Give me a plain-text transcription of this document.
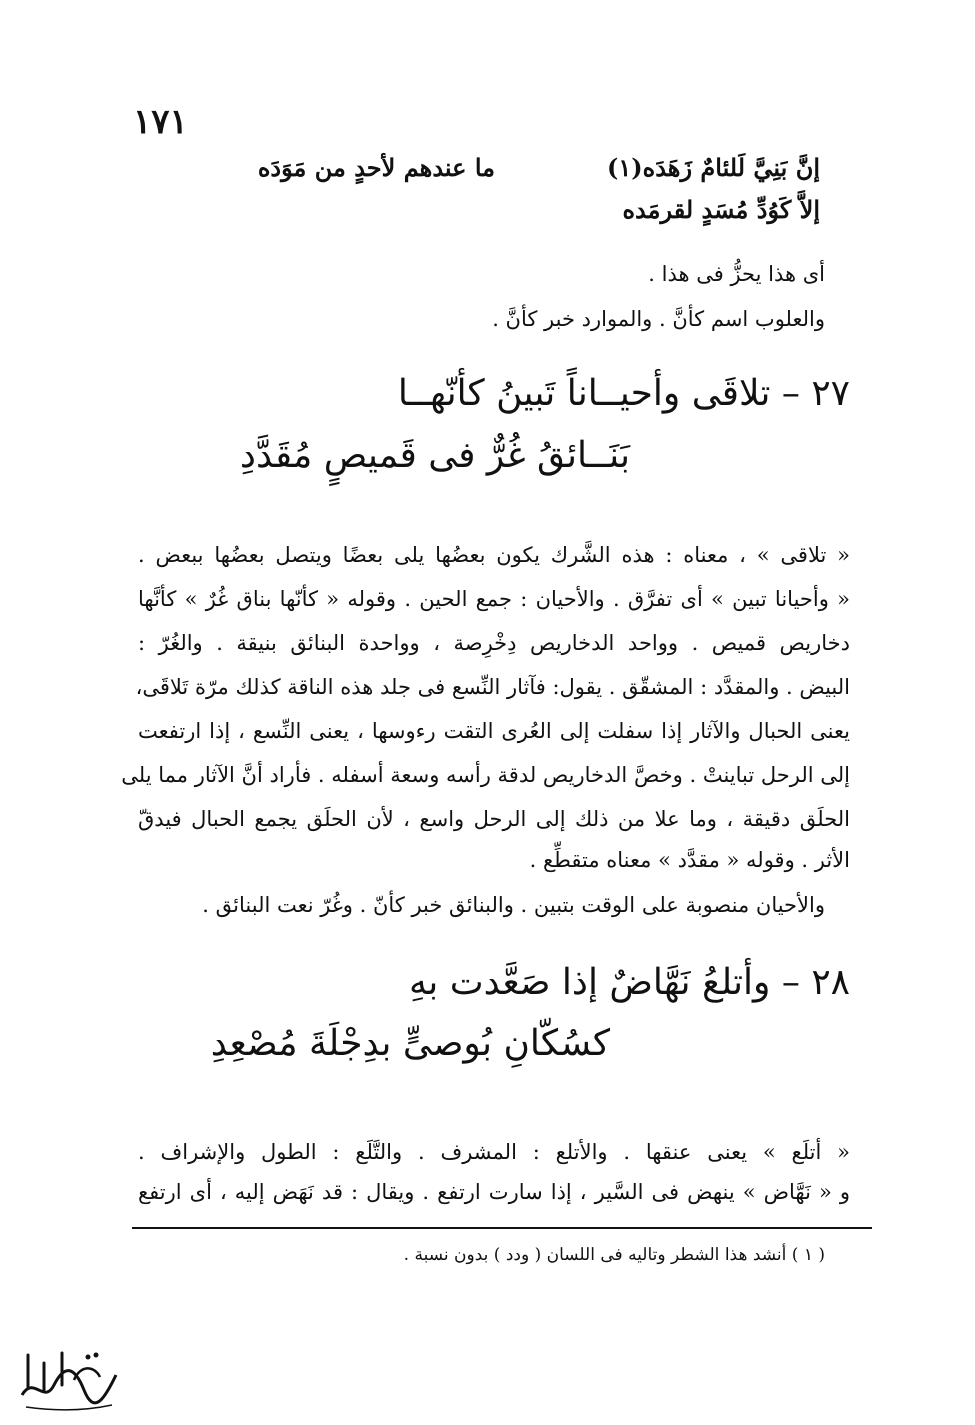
١٧١
إنَّ بَنِيَّ لَلئامٌ زَهَدَه(١)
ما عندهم لأحدٍ من مَوَدَه
إلاَّ كَوُدِّ مُسَدٍ لقرمَده
أى هذا يحزُّ فى هذا .
والعلوب اسم كأنَّ . والموارد خبر كأنَّ .
٢٧ – تلاقَى وأحيــاناً تَبينُ كأنّهــا
بَنَــائقُ غُرٌّ فى قَميصٍ مُقَدَّدِ
« تلاقى » ، معناه : هذه الشَّرك يكون بعضُها يلى بعضًا ويتصل بعضُها ببعض .
« وأحيانا تبين » أى تفرَّق . والأحيان : جمع الحين . وقوله « كأنّها بناق غُرٌ » كأنَّها
دخاريص قميص . وواحد الدخاريص دِخْرِصة ، وواحدة البنائق بنيقة . والغُرّ :
البيض . والمقدَّد : المشقّق . يقول: فآثار النِّسع فى جلد هذه الناقة كذلك مرّة تَلاقَى،
يعنى الحبال والآثار إذا سفلت إلى العُرى التقت رءوسها ، يعنى النِّسع ، إذا ارتفعت
إلى الرحل تباينتْ . وخصَّ الدخاريص لدقة رأسه وسعة أسفله . فأراد أنَّ الآثار مما يلى
الحلَق دقيقة ، وما علا من ذلك إلى الرحل واسع ، لأن الحلَق يجمع الحبال فيدقّ
الأثر . وقوله « مقدَّد » معناه متقطِّع .
والأحيان منصوبة على الوقت بتبين . والبنائق خبر كأنّ . وغُرّ نعت البنائق .
٢٨ – وأتلعُ نَهَّاضٌ إذا صَعَّدت بهِ
كسُكّانِ بُوصىٍّ بدِجْلَةَ مُصْعِدِ
« أتلَع » يعنى عنقها . والأتلع : المشرف . والتَّلَع : الطول والإشراف .
و « نَهَّاض » ينهض فى السَّير ، إذا سارت ارتفع . ويقال : قد نَهَض إليه ، أى ارتفع
( ١ ) أنشد هذا الشطر وتاليه فى اللسان ( ودد ) بدون نسبة .
